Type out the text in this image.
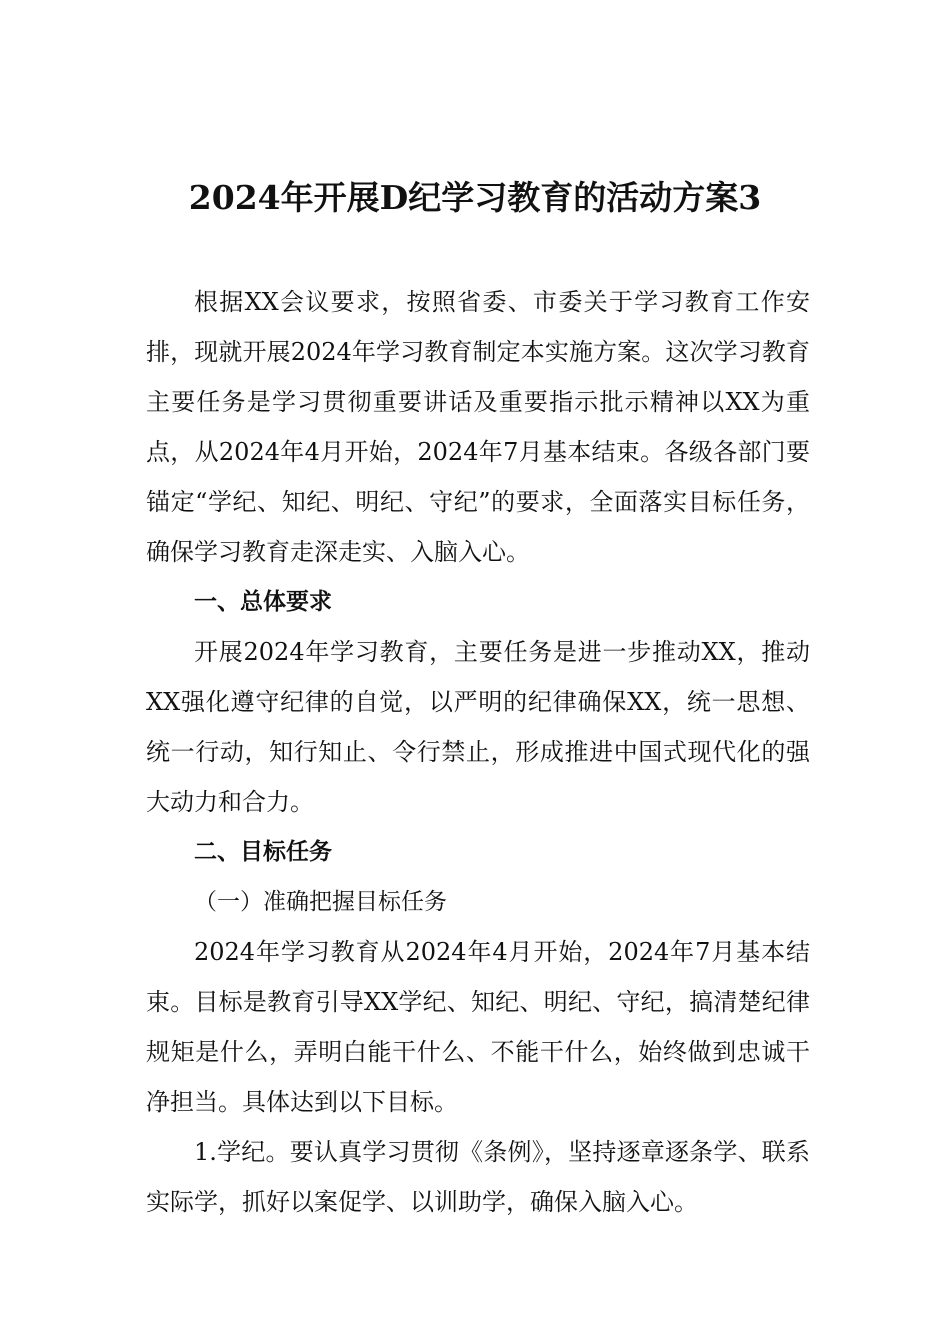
2024年开展D纪学习教育的活动方案3

根据XX会议要求，按照省委、市委关于学习教育工作安排，现就开展2024年学习教育制定本实施方案。这次学习教育主要任务是学习贯彻重要讲话及重要指示批示精神以XX为重点，从2024年4月开始，2024年7月基本结束。各级各部门要锚定“学纪、知纪、明纪、守纪”的要求，全面落实目标任务，确保学习教育走深走实、入脑入心。

一、总体要求

开展2024年学习教育，主要任务是进一步推动XX，推动XX强化遵守纪律的自觉，以严明的纪律确保XX，统一思想、统一行动，知行知止、令行禁止，形成推进中国式现代化的强大动力和合力。

二、目标任务

（一）准确把握目标任务

2024年学习教育从2024年4月开始，2024年7月基本结束。目标是教育引导XX学纪、知纪、明纪、守纪，搞清楚纪律规矩是什么，弄明白能干什么、不能干什么，始终做到忠诚干净担当。具体达到以下目标。

1.学纪。要认真学习贯彻《条例》，坚持逐章逐条学、联系实际学，抓好以案促学、以训助学，确保入脑入心。
